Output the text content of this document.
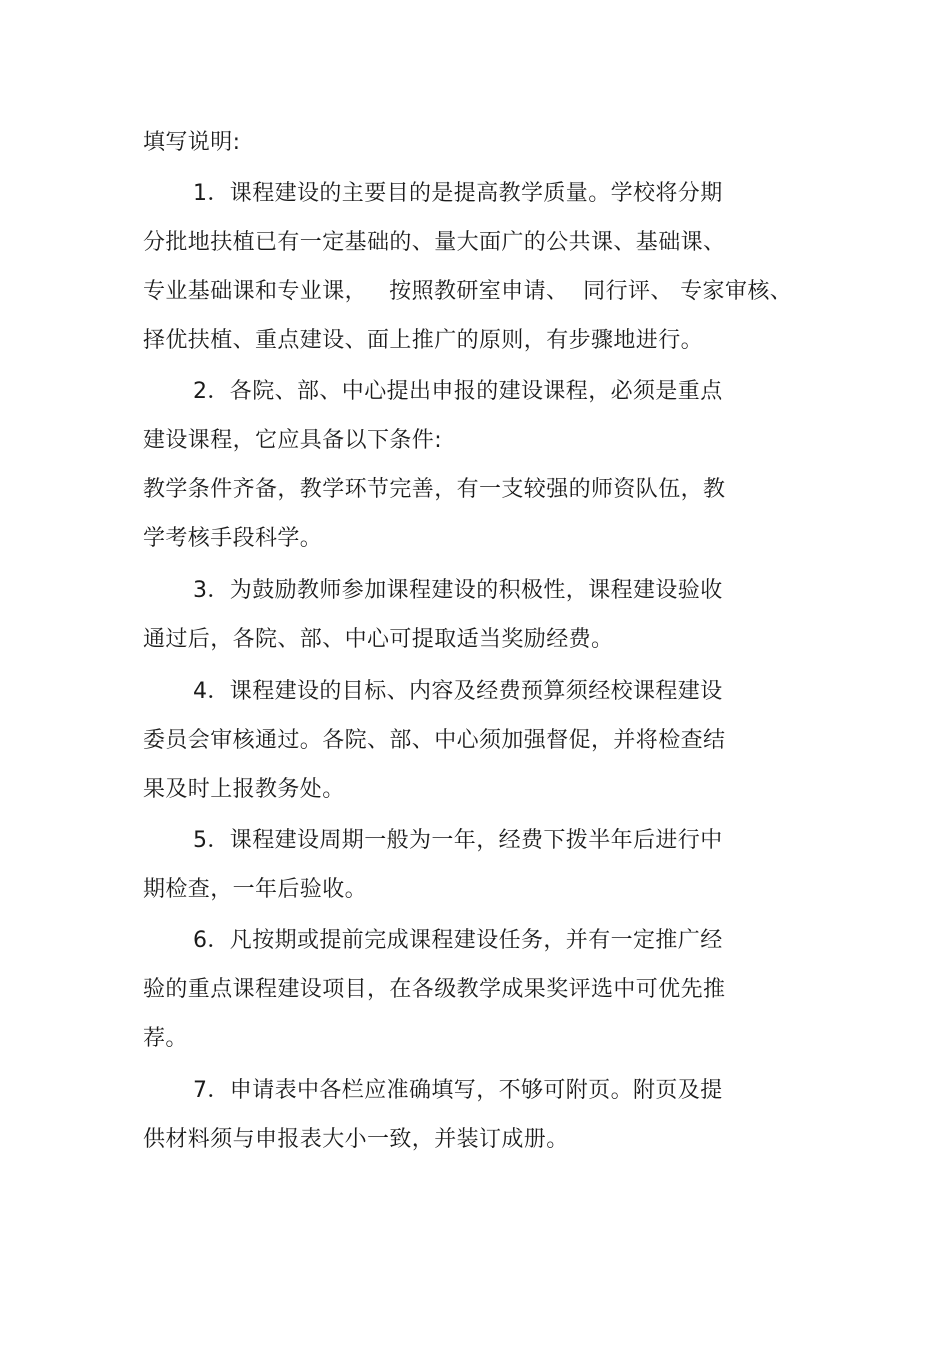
填写说明:
1．课程建设的主要目的是提高教学质量。学校将分期
分批地扶植已有一定基础的、量大面广的公共课、基础课、
专业基础课和专业课，   按照教研室申请、  同行评、 专家审核、
择优扶植、重点建设、面上推广的原则，有步骤地进行。
2．各院、部、中心提出申报的建设课程，必须是重点
建设课程，它应具备以下条件:
教学条件齐备，教学环节完善，有一支较强的师资队伍，教
学考核手段科学。
3．为鼓励教师参加课程建设的积极性，课程建设验收
通过后，各院、部、中心可提取适当奖励经费。
4．课程建设的目标、内容及经费预算须经校课程建设
委员会审核通过。各院、部、中心须加强督促，并将检查结
果及时上报教务处。
5．课程建设周期一般为一年，经费下拨半年后进行中
期检查，一年后验收。
6．凡按期或提前完成课程建设任务，并有一定推广经
验的重点课程建设项目，在各级教学成果奖评选中可优先推
荐。
7．申请表中各栏应准确填写，不够可附页。附页及提
供材料须与申报表大小一致，并装订成册。
